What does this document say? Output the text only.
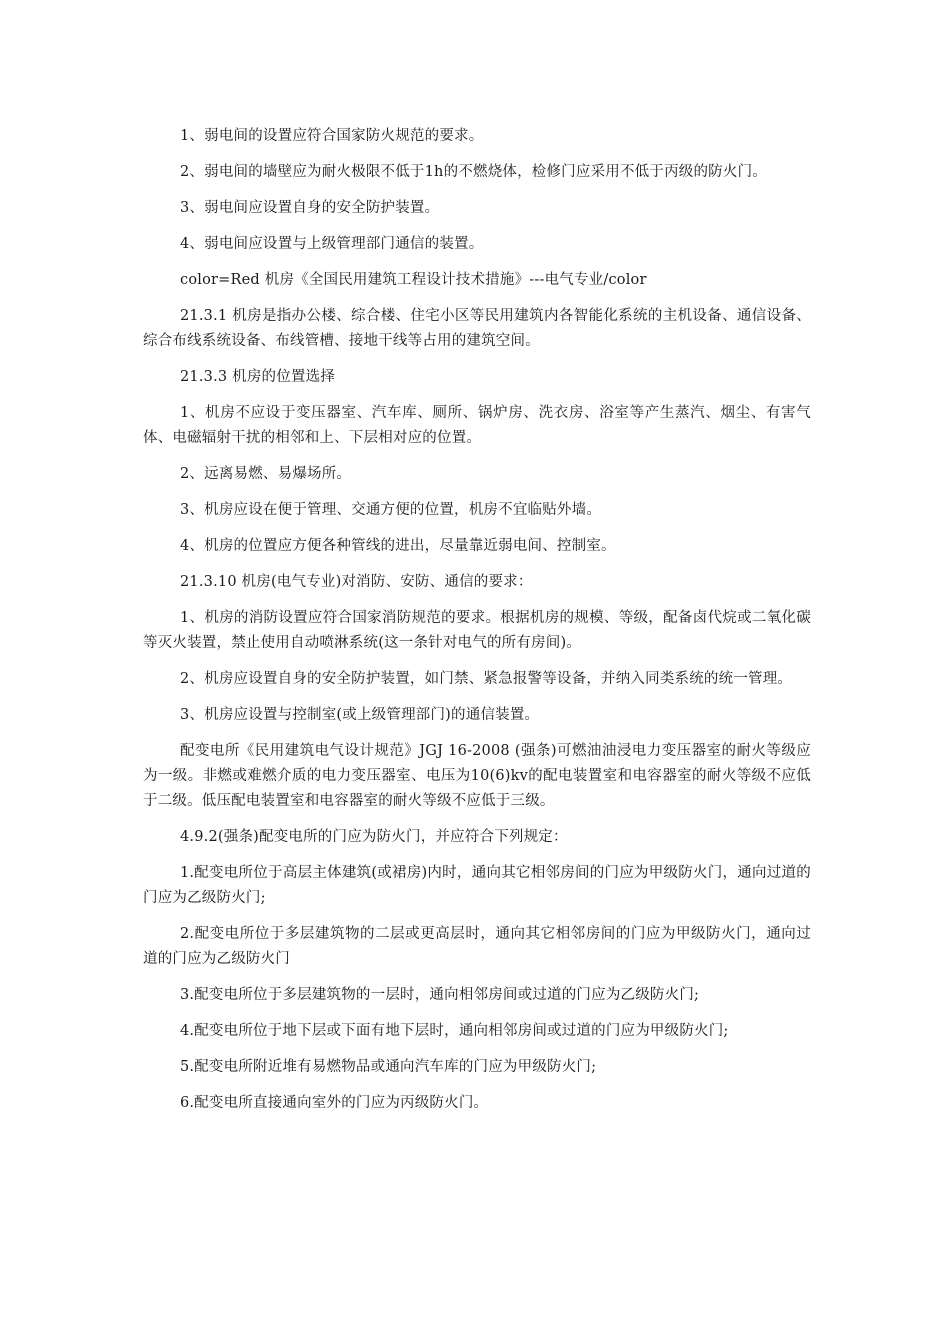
1、弱电间的设置应符合国家防火规范的要求。

2、弱电间的墙壁应为耐火极限不低于1h的不燃烧体，检修门应采用不低于丙级的防火门。

3、弱电间应设置自身的安全防护装置。

4、弱电间应设置与上级管理部门通信的装置。

color=Red 机房《全国民用建筑工程设计技术措施》---电气专业/color

21.3.1 机房是指办公楼、综合楼、住宅小区等民用建筑内各智能化系统的主机设备、通信设备、综合布线系统设备、布线管槽、接地干线等占用的建筑空间。

21.3.3 机房的位置选择

1、机房不应设于变压器室、汽车库、厕所、锅炉房、洗衣房、浴室等产生蒸汽、烟尘、有害气体、电磁辐射干扰的相邻和上、下层相对应的位置。

2、远离易燃、易爆场所。

3、机房应设在便于管理、交通方便的位置，机房不宜临贴外墙。

4、机房的位置应方便各种管线的进出，尽量靠近弱电间、控制室。

21.3.10 机房(电气专业)对消防、安防、通信的要求：

1、机房的消防设置应符合国家消防规范的要求。根据机房的规模、等级，配备卤代烷或二氧化碳等灭火装置，禁止使用自动喷淋系统(这一条针对电气的所有房间)。

2、机房应设置自身的安全防护装置，如门禁、紧急报警等设备，并纳入同类系统的统一管理。

3、机房应设置与控制室(或上级管理部门)的通信装置。

配变电所《民用建筑电气设计规范》JGJ 16-2008 (强条)可燃油油浸电力变压器室的耐火等级应为一级。非燃或难燃介质的电力变压器室、电压为10(6)kv的配电装置室和电容器室的耐火等级不应低于二级。低压配电装置室和电容器室的耐火等级不应低于三级。

4.9.2(强条)配变电所的门应为防火门，并应符合下列规定：

1.配变电所位于高层主体建筑(或裙房)内时，通向其它相邻房间的门应为甲级防火门，通向过道的门应为乙级防火门;

2.配变电所位于多层建筑物的二层或更高层时，通向其它相邻房间的门应为甲级防火门，通向过道的门应为乙级防火门

3.配变电所位于多层建筑物的一层时，通向相邻房间或过道的门应为乙级防火门;

4.配变电所位于地下层或下面有地下层时，通向相邻房间或过道的门应为甲级防火门;

5.配变电所附近堆有易燃物品或通向汽车库的门应为甲级防火门;

6.配变电所直接通向室外的门应为丙级防火门。
